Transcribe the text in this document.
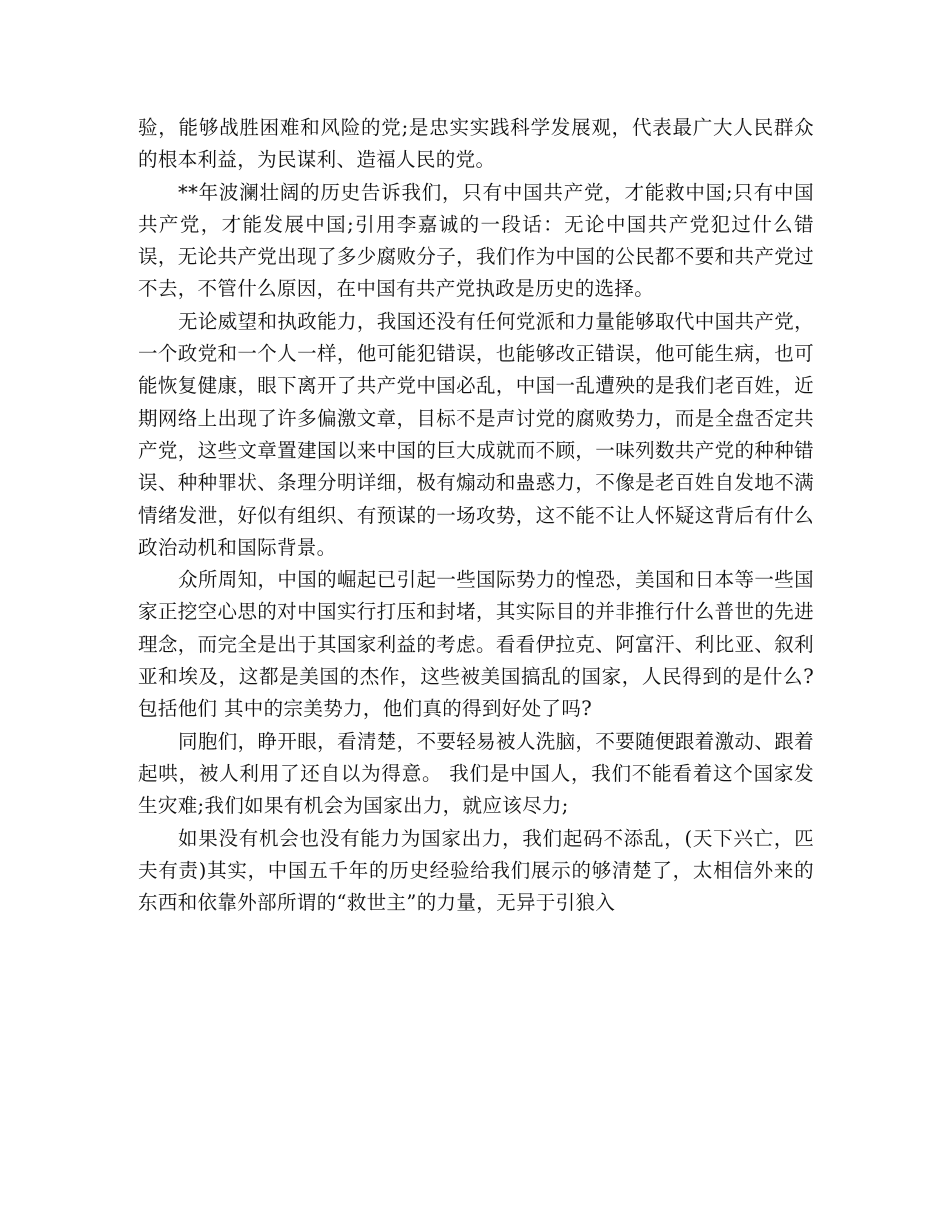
验，能够战胜困难和风险的党;是忠实实践科学发展观，代表最广大人民群众的根本利益，为民谋利、造福人民的党。

**年波澜壮阔的历史告诉我们，只有中国共产党，才能救中国;只有中国共产党，才能发展中国;引用李嘉诚的一段话：无论中国共产党犯过什么错误，无论共产党出现了多少腐败分子，我们作为中国的公民都不要和共产党过不去，不管什么原因，在中国有共产党执政是历史的选择。

无论威望和执政能力，我国还没有任何党派和力量能够取代中国共产党，一个政党和一个人一样，他可能犯错误，也能够改正错误，他可能生病，也可能恢复健康，眼下离开了共产党中国必乱，中国一乱遭殃的是我们老百姓，近期网络上出现了许多偏激文章，目标不是声讨党的腐败势力，而是全盘否定共产党，这些文章置建国以来中国的巨大成就而不顾，一味列数共产党的种种错误、种种罪状、条理分明详细，极有煽动和蛊惑力，不像是老百姓自发地不满情绪发泄，好似有组织、有预谋的一场攻势，这不能不让人怀疑这背后有什么政治动机和国际背景。

众所周知，中国的崛起已引起一些国际势力的惶恐，美国和日本等一些国家正挖空心思的对中国实行打压和封堵，其实际目的并非推行什么普世的先进理念，而完全是出于其国家利益的考虑。看看伊拉克、阿富汗、利比亚、叙利亚和埃及，这都是美国的杰作，这些被美国搞乱的国家，人民得到的是什么?包括他们 其中的宗美势力，他们真的得到好处了吗?

同胞们，睁开眼，看清楚，不要轻易被人洗脑，不要随便跟着激动、跟着起哄，被人利用了还自以为得意。 我们是中国人，我们不能看着这个国家发生灾难;我们如果有机会为国家出力，就应该尽力;

如果没有机会也没有能力为国家出力，我们起码不添乱，(天下兴亡，匹夫有责)其实，中国五千年的历史经验给我们展示的够清楚了，太相信外来的东西和依靠外部所谓的“救世主”的力量，无异于引狼入
